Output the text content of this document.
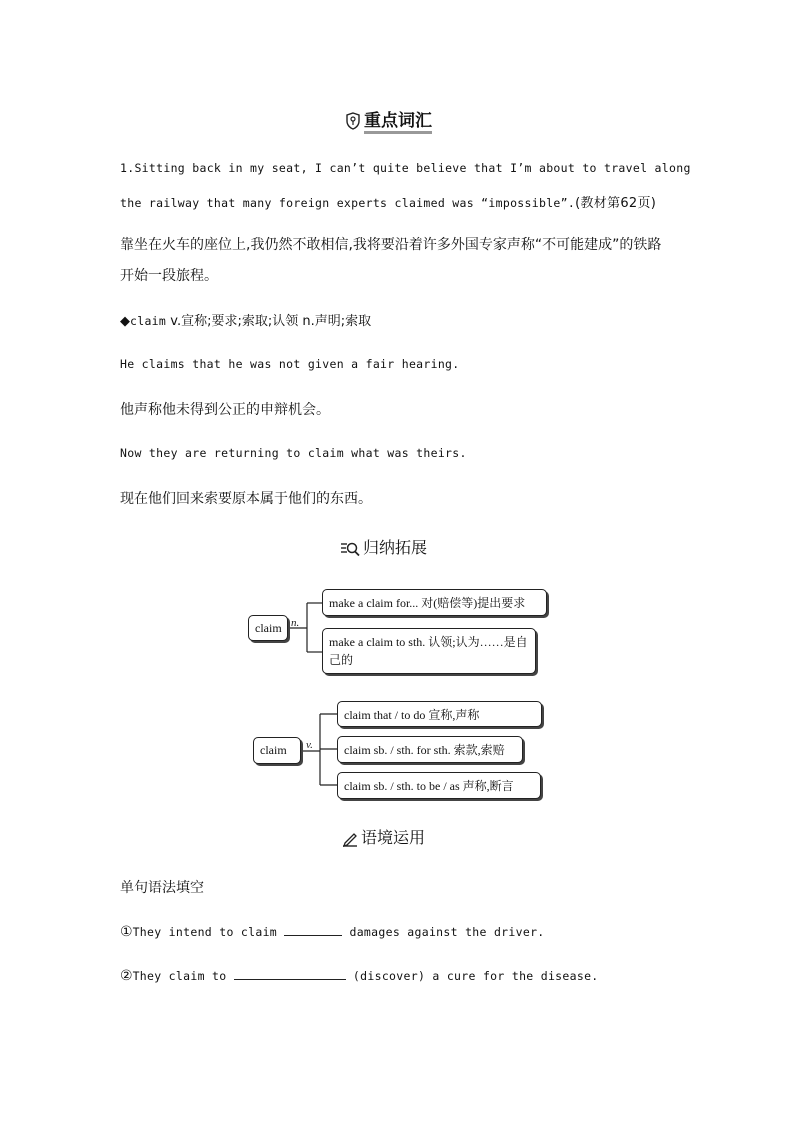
重点词汇
1.Sitting back in my seat, I can’t quite believe that I’m about to travel along
the railway that many foreign experts claimed was “impossible”.(教材第62页)
靠坐在火车的座位上,我仍然不敢相信,我将要沿着许多外国专家声称“不可能建成”的铁路
开始一段旅程。
◆claim v.宣称;要求;索取;认领 n.声明;索取
He claims that he was not given a fair hearing.
他声称他未得到公正的申辩机会。
Now they are returning to claim what was theirs.
现在他们回来索要原本属于他们的东西。
归纳拓展
n.
v.
claim
make a claim for... 对(赔偿等)提出要求
make a claim to sth. 认领;认为……是自己的
claim
claim that / to do 宣称,声称
claim sb. / sth. for sth. 索款,索赔
claim sb. / sth. to be / as 声称,断言
语境运用
单句语法填空
①They intend to claim	damages against the driver.
②They claim to	(discover) a cure for the disease.
